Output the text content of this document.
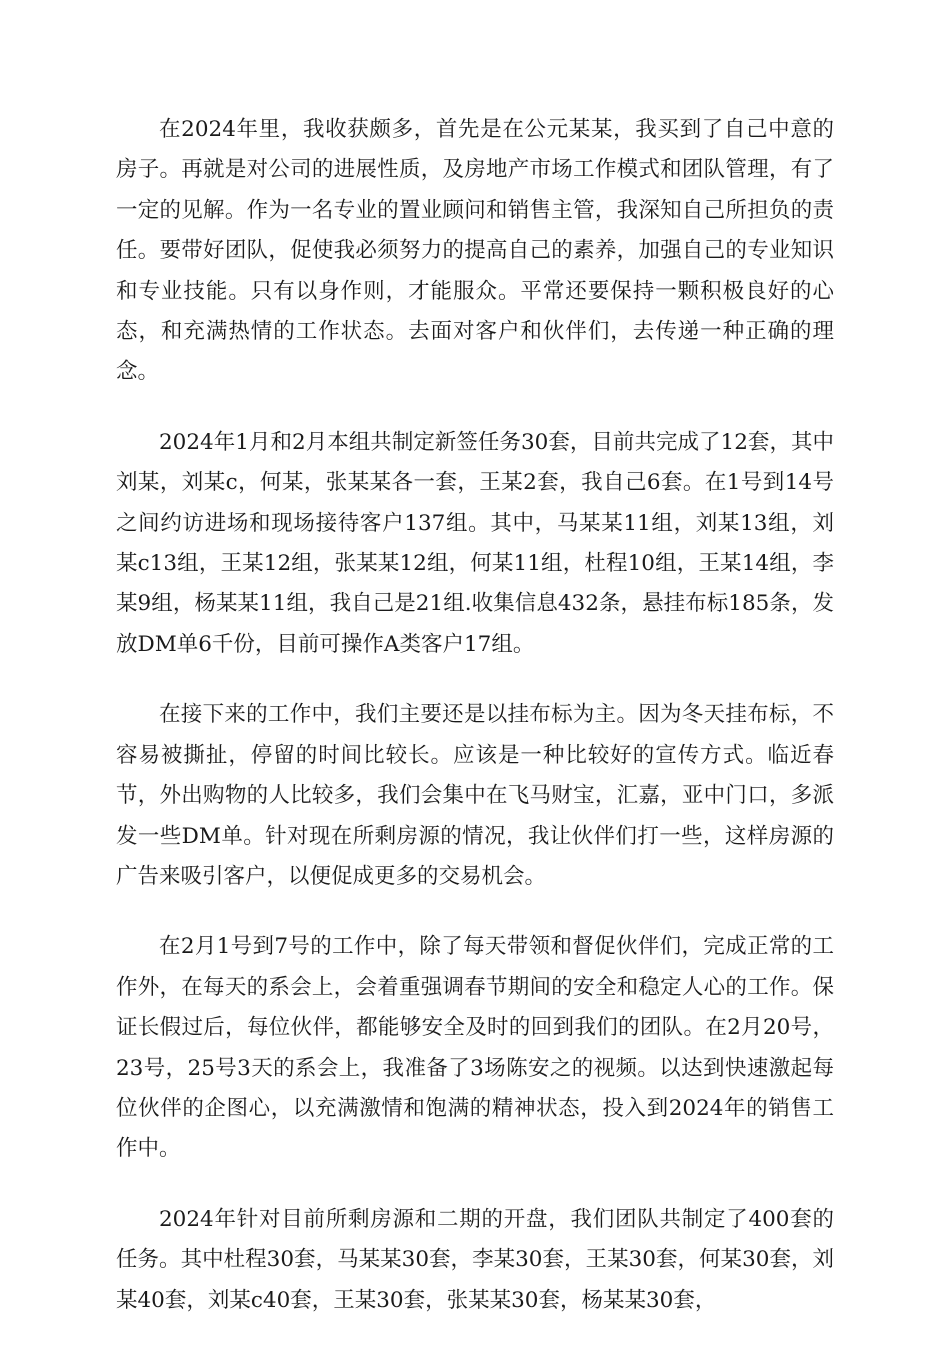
在2024年里，我收获颇多，首先是在公元某某，我买到了自己中意的房子。再就是对公司的进展性质，及房地产市场工作模式和团队管理，有了一定的见解。作为一名专业的置业顾问和销售主管，我深知自己所担负的责任。要带好团队，促使我必须努力的提高自己的素养，加强自己的专业知识和专业技能。只有以身作则，才能服众。平常还要保持一颗积极良好的心态，和充满热情的工作状态。去面对客户和伙伴们，去传递一种正确的理念。

2024年1月和2月本组共制定新签任务30套，目前共完成了12套，其中刘某，刘某c，何某，张某某各一套，王某2套，我自己6套。在1号到14号之间约访进场和现场接待客户137组。其中，马某某11组，刘某13组，刘某c13组，王某12组，张某某12组，何某11组，杜程10组，王某14组，李某9组，杨某某11组，我自己是21组.收集信息432条，悬挂布标185条，发放DM单6千份，目前可操作A类客户17组。

在接下来的工作中，我们主要还是以挂布标为主。因为冬天挂布标，不容易被撕扯，停留的时间比较长。应该是一种比较好的宣传方式。临近春节，外出购物的人比较多，我们会集中在飞马财宝，汇嘉，亚中门口，多派发一些DM单。针对现在所剩房源的情况，我让伙伴们打一些，这样房源的广告来吸引客户，以便促成更多的交易机会。

在2月1号到7号的工作中，除了每天带领和督促伙伴们，完成正常的工作外，在每天的系会上，会着重强调春节期间的安全和稳定人心的工作。保证长假过后，每位伙伴，都能够安全及时的回到我们的团队。在2月20号，23号，25号3天的系会上，我准备了3场陈安之的视频。以达到快速激起每位伙伴的企图心，以充满激情和饱满的精神状态，投入到2024年的销售工作中。

2024年针对目前所剩房源和二期的开盘，我们团队共制定了400套的任务。其中杜程30套，马某某30套，李某30套，王某30套，何某30套，刘某40套，刘某c40套，王某30套，张某某30套，杨某某30套，
